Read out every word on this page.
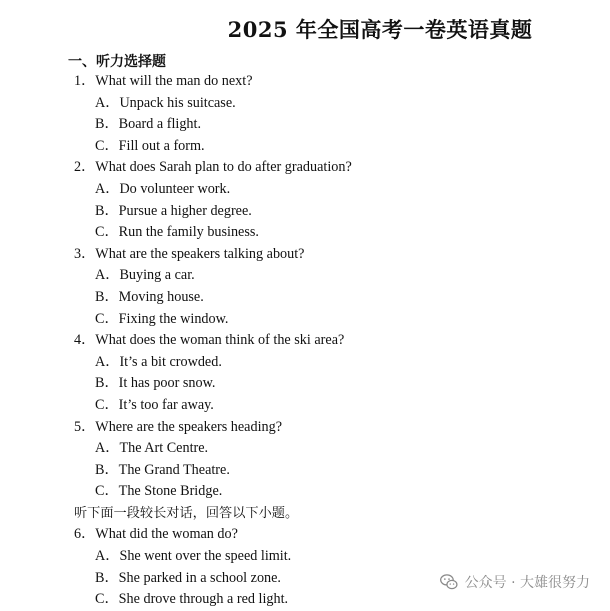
2025 年全国高考一卷英语真题
一、听力选择题
1．What will the man do next?
A．Unpack his suitcase.
B．Board a flight.
C．Fill out a form.
2．What does Sarah plan to do after graduation?
A．Do volunteer work.
B．Pursue a higher degree.
C．Run the family business.
3．What are the speakers talking about?
A．Buying a car.
B．Moving house.
C．Fixing the window.
4．What does the woman think of the ski area?
A．It’s a bit crowded.
B．It has poor snow.
C．It’s too far away.
5．Where are the speakers heading?
A．The Art Centre.
B．The Grand Theatre.
C．The Stone Bridge.
听下面一段较长对话，回答以下小题。
6．What did the woman do?
A．She went over the speed limit.
B．She parked in a school zone.
C．She drove through a red light.
公众号 · 大雄很努力
